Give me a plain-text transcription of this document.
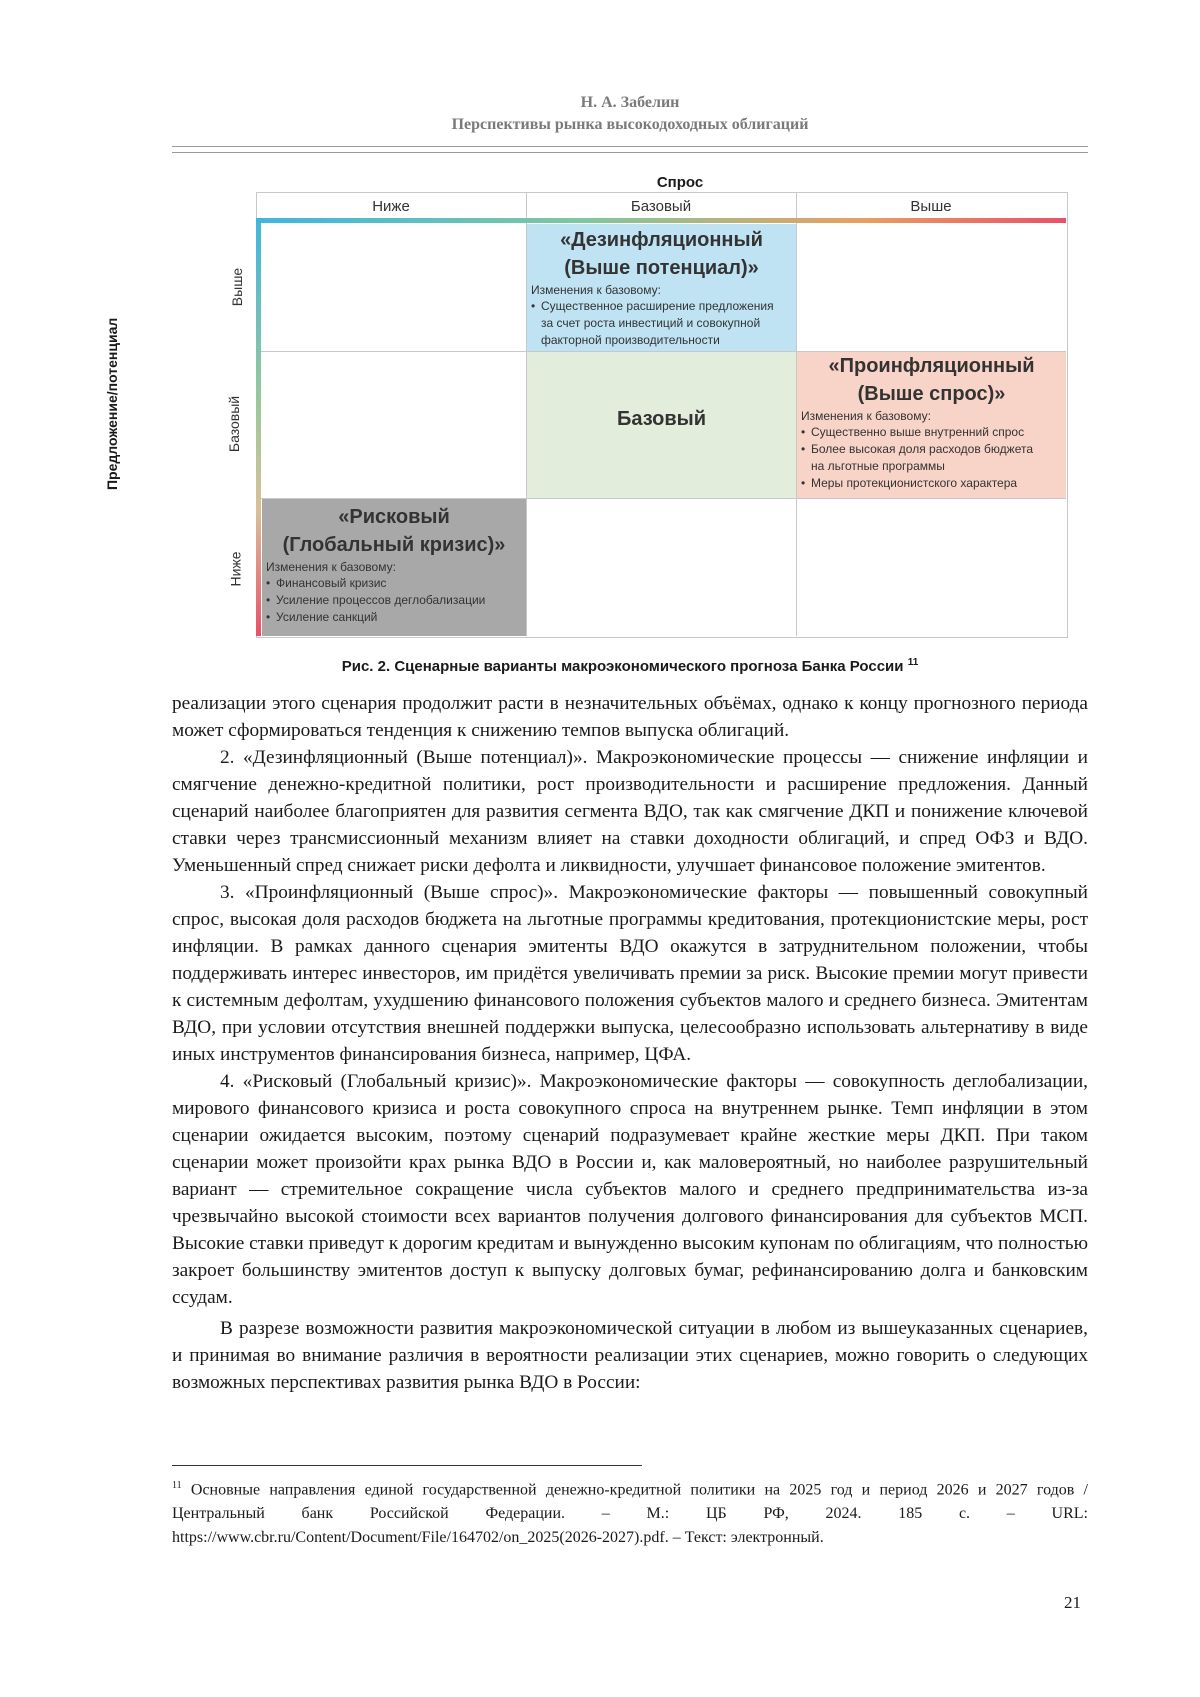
Н. А. Забелин
Перспективы рынка высокодоходных облигаций
Спрос
Ниже	Базовый	Выше
«Дезинфляционный
(Выше потенциал)»
Изменения к базовому:
• Существенное расширение предложения
за счет роста инвестиций и совокупной
факторной производительности
Базовый
«Проинфляционный
(Выше спрос)»
Изменения к базовому:
• Существенно выше внутренний спрос
• Более высокая доля расходов бюджета
на льготные программы
• Меры протекционистского характера
«Рисковый
(Глобальный кризис)»
Изменения к базовому:
• Финансовый кризис
• Усиление процессов деглобализации
• Усиление санкций
Предложение/потенциал
Выше
Базовый
Ниже
Рис. 2. Сценарные варианты макроэкономического прогноза Банка России $^{11}$

реализации этого сценария продолжит расти в незначительных объёмах, однако к концу прогнозного периода может сформироваться тенденция к снижению темпов выпуска облигаций.

2. «Дезинфляционный (Выше потенциал)». Макроэкономические процессы — снижение инфляции и смягчение денежно-кредитной политики, рост производительности и расширение предложения. Данный сценарий наиболее благоприятен для развития сегмента ВДО, так как смягчение ДКП и понижение ключевой ставки через трансмиссионный механизм влияет на ставки доходности облигаций, и спред ОФЗ и ВДО. Уменьшенный спред снижает риски дефолта и ликвидности, улучшает финансовое положение эмитентов.

3. «Проинфляционный (Выше спрос)». Макроэкономические факторы — повышенный совокупный спрос, высокая доля расходов бюджета на льготные программы кредитования, протекционистские меры, рост инфляции. В рамках данного сценария эмитенты ВДО окажутся в затруднительном положении, чтобы поддерживать интерес инвесторов, им придётся увеличивать премии за риск. Высокие премии могут привести к системным дефолтам, ухудшению финансового положения субъектов малого и среднего бизнеса. Эмитентам ВДО, при условии отсутствия внешней поддержки выпуска, целесообразно использовать альтернативу в виде иных инструментов финансирования бизнеса, например, ЦФА.

4. «Рисковый (Глобальный кризис)». Макроэкономические факторы — совокупность деглобализации, мирового финансового кризиса и роста совокупного спроса на внутреннем рынке. Темп инфляции в этом сценарии ожидается высоким, поэтому сценарий подразумевает крайне жесткие меры ДКП. При таком сценарии может произойти крах рынка ВДО в России и, как маловероятный, но наиболее разрушительный вариант — стремительное сокращение числа субъектов малого и среднего предпринимательства из-за чрезвычайно высокой стоимости всех вариантов получения долгового финансирования для субъектов МСП. Высокие ставки приведут к дорогим кредитам и вынужденно высоким купонам по облигациям, что полностью закроет большинству эмитентов доступ к выпуску долговых бумаг, рефинансированию долга и банковским ссудам.

В разрезе возможности развития макроэкономической ситуации в любом из вышеуказанных сценариев, и принимая во внимание различия в вероятности реализации этих сценариев, можно говорить о следующих возможных перспективах развития рынка ВДО в России:

$^{11}$ Основные направления единой государственной денежно-кредитной политики на 2025 год и период 2026 и 2027 годов / Центральный банк Российской Федерации. – М.: ЦБ РФ, 2024. 185 с. – URL: https://www.cbr.ru/Content/Document/File/164702/on_2025(2026-2027).pdf. – Текст: электронный.
21
